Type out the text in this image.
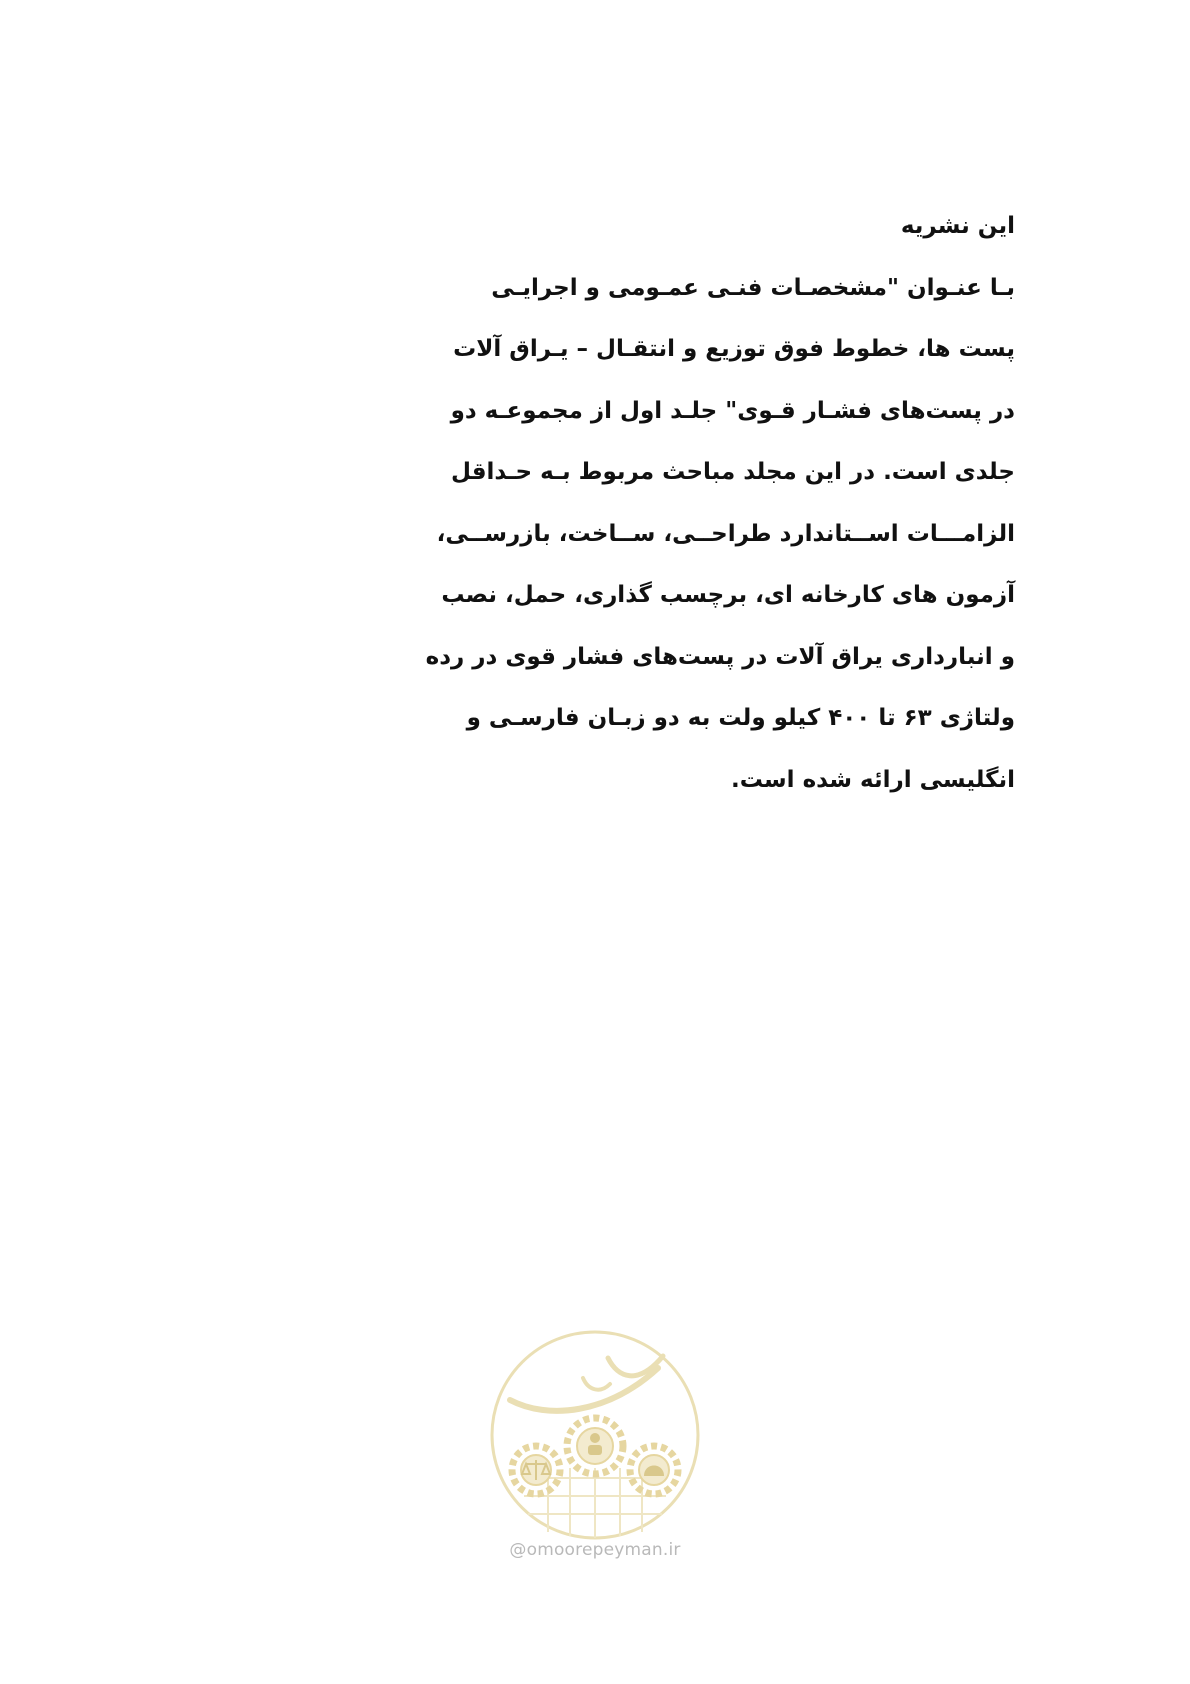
این نشریه
بـا عنـوان "مشخصـات فنـی عمـومی و اجرایـی
پست ها، خطوط فوق توزیع و انتقـال – یـراق آلات
در پست‌های فشـار قـوی" جلـد اول از مجموعـه دو
جلدی است. در این مجلد مباحث مربوط بـه حـداقل
الزامـــات اســتاندارد طراحــی، ســاخت، بازرســی،
آزمون های کارخانه ای، برچسب گذاری، حمل، نصب
و انبارداری یراق آلات در پست‌های فشار قوی در رده
ولتاژی ۶۳ تا ۴۰۰ کیلو ولت به دو زبـان فارسـی و
انگلیسی ارائه شده است.
@omoorepeyman.ir
